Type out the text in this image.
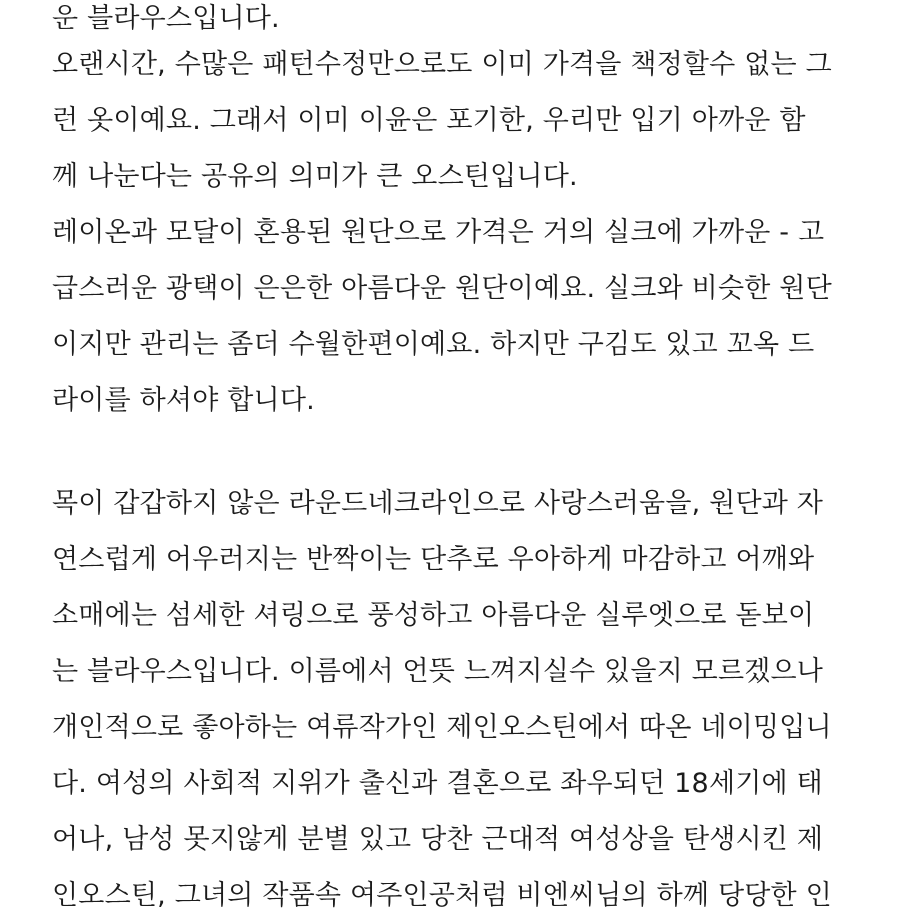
운 블라우스입니다.

오랜시간, 수많은 패턴수정만으로도 이미 가격을 책정할수 없는 그

런 옷이예요. 그래서 이미 이윤은 포기한, 우리만 입기 아까운 함

께 나눈다는 공유의 의미가 큰 오스틴입니다.

레이온과 모달이 혼용된 원단으로 가격은 거의 실크에 가까운 - 고

급스러운 광택이 은은한 아름다운 원단이예요. 실크와 비슷한 원단

이지만 관리는 좀더 수월한편이예요. 하지만 구김도 있고 꼬옥 드

라이를 하셔야 합니다.

목이 갑갑하지 않은 라운드네크라인으로 사랑스러움을, 원단과 자

연스럽게 어우러지는 반짝이는 단추로 우아하게 마감하고 어깨와

소매에는 섬세한 셔링으로 풍성하고 아름다운 실루엣으로 돋보이

는 블라우스입니다. 이름에서 언뜻 느껴지실수 있을지 모르겠으나

개인적으로 좋아하는 여류작가인 제인오스틴에서 따온 네이밍입니

다. 여성의 사회적 지위가 출신과 결혼으로 좌우되던 18세기에 태

어나, 남성 못지않게 분별 있고 당찬 근대적 여성상을 탄생시킨 제

인오스틴, 그녀의 작품속 여주인공처럼 비엔씨님의 하께 당당한 인
